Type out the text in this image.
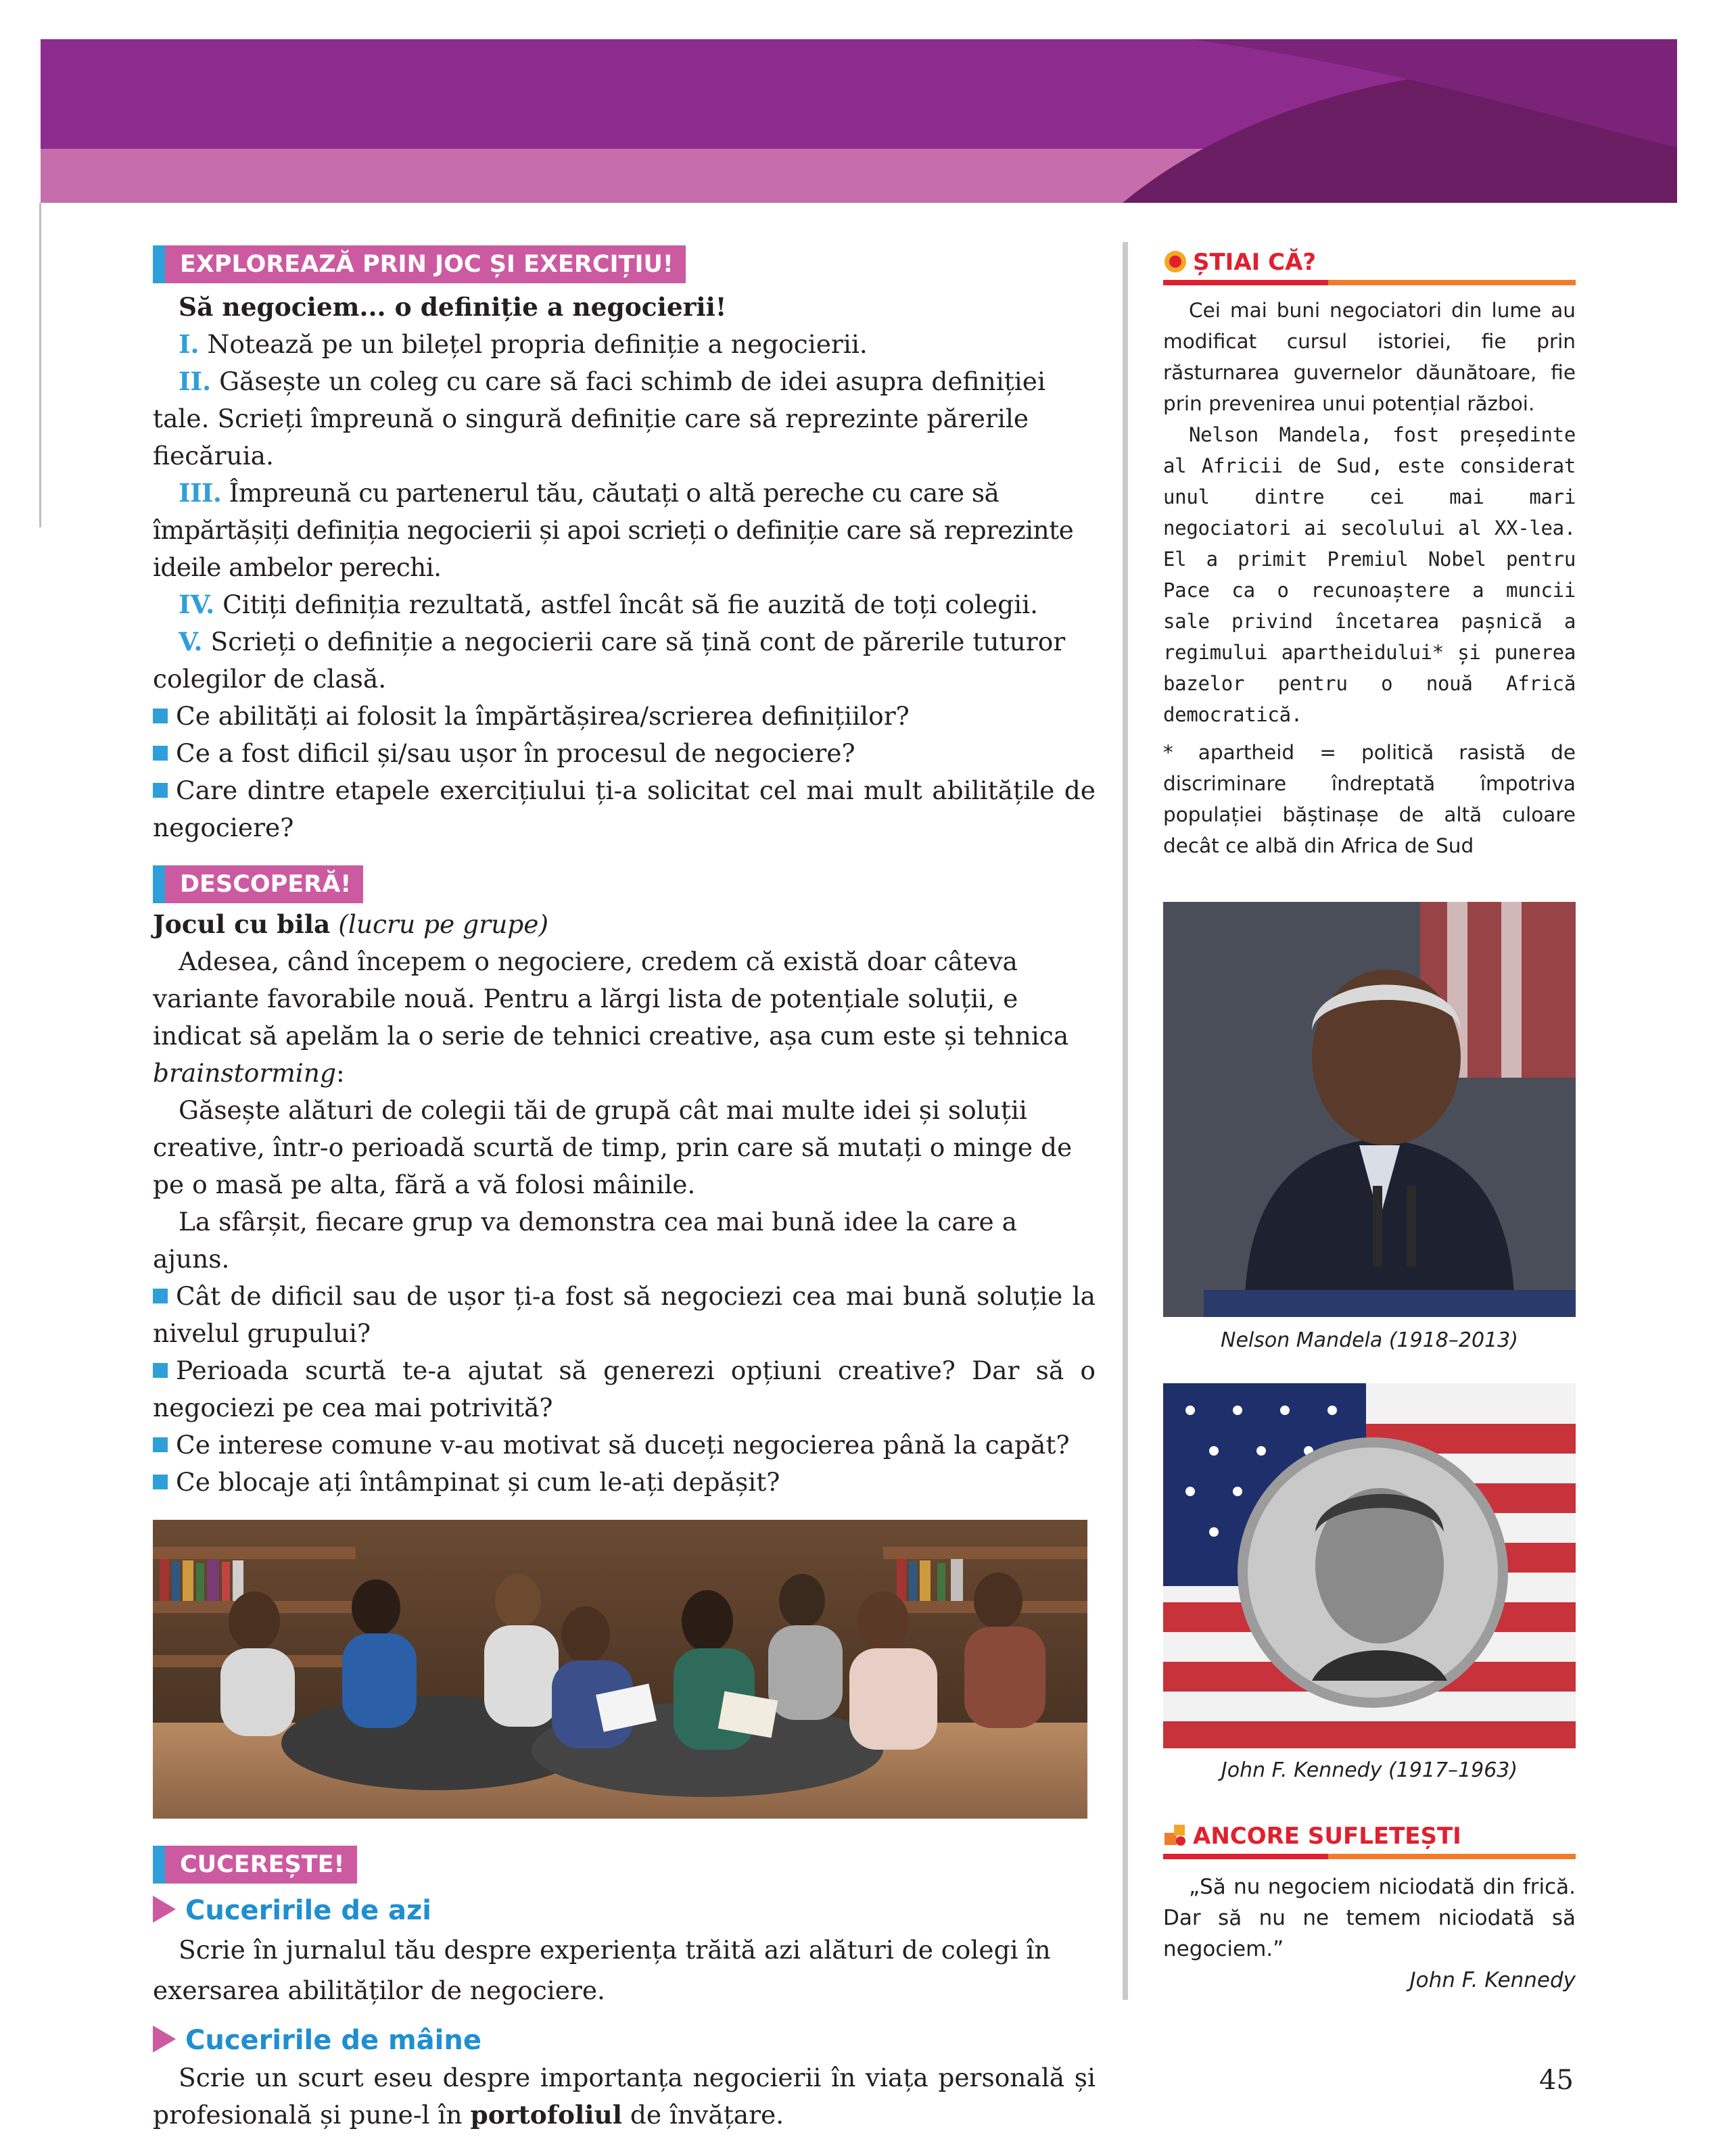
EXPLOREAZĂ PRIN JOC ȘI EXERCIȚIU!

Să negociem... o definiție a negocierii!

I. Notează pe un bilețel propria definiție a negocierii.

II. Găsește un coleg cu care să faci schimb de idei asupra definiției tale. Scrieți împreună o singură definiție care să reprezinte părerile fiecăruia.

III. Împreună cu partenerul tău, căutați o altă pereche cu care să împărtășiți definiția negocierii și apoi scrieți o definiție care să reprezinte ideile ambelor perechi.

IV. Citiți definiția rezultată, astfel încât să fie auzită de toți colegii.

V. Scrieți o definiție a negocierii care să țină cont de părerile tuturor colegilor de clasă.

Ce abilități ai folosit la împărtășirea/scrierea definițiilor?

Ce a fost dificil și/sau ușor în procesul de negociere?

Care dintre etapele exercițiului ți-a solicitat cel mai mult abilitățile de negociere?

DESCOPERĂ!

Jocul cu bila (lucru pe grupe)

Adesea, când începem o negociere, credem că există doar câteva variante favorabile nouă. Pentru a lărgi lista de potențiale soluții, e indicat să apelăm la o serie de tehnici creative, așa cum este și tehnica brainstorming:

Găsește alături de colegii tăi de grupă cât mai multe idei și soluții creative, într-o perioadă scurtă de timp, prin care să mutați o minge de pe o masă pe alta, fără a vă folosi mâinile.

La sfârșit, fiecare grup va demonstra cea mai bună idee la care a ajuns.

Cât de dificil sau de ușor ți-a fost să negociezi cea mai bună soluție la nivelul grupului?

Perioada scurtă te-a ajutat să generezi opțiuni creative? Dar să o negociezi pe cea mai potrivită?

Ce interese comune v-au motivat să duceți negocierea până la capăt?

Ce blocaje ați întâmpinat și cum le-ați depășit?

CUCEREȘTE!

Cuceririle de azi

Scrie în jurnalul tău despre experiența trăită azi alături de colegi în exersarea abilităților de negociere.

Cuceririle de mâine

Scrie un scurt eseu despre importanța negocierii în viața personală și profesională și pune-l în portofoliul de învățare.

ȘTIAI CĂ?

Cei mai buni negociatori din lume au modificat cursul istoriei, fie prin răsturnarea guvernelor dăunătoare, fie prin prevenirea unui potențial război.

Nelson Mandela, fost președinte al Africii de Sud, este considerat unul dintre cei mai mari negociatori ai secolului al XX-lea. El a primit Premiul Nobel pentru Pace ca o recunoaștere a muncii sale privind încetarea pașnică a regimului apartheidului* și punerea bazelor pentru o nouă Africă democratică.

* apartheid = politică rasistă de discriminare îndreptată împotriva populației băștinașe de altă culoare decât ce albă din Africa de Sud

Nelson Mandela (1918–2013)

John F. Kennedy (1917–1963)

ANCORE SUFLETEȘTI

„Să nu negociem niciodată din frică. Dar să nu ne temem niciodată să negociem.”

John F. Kennedy

45
